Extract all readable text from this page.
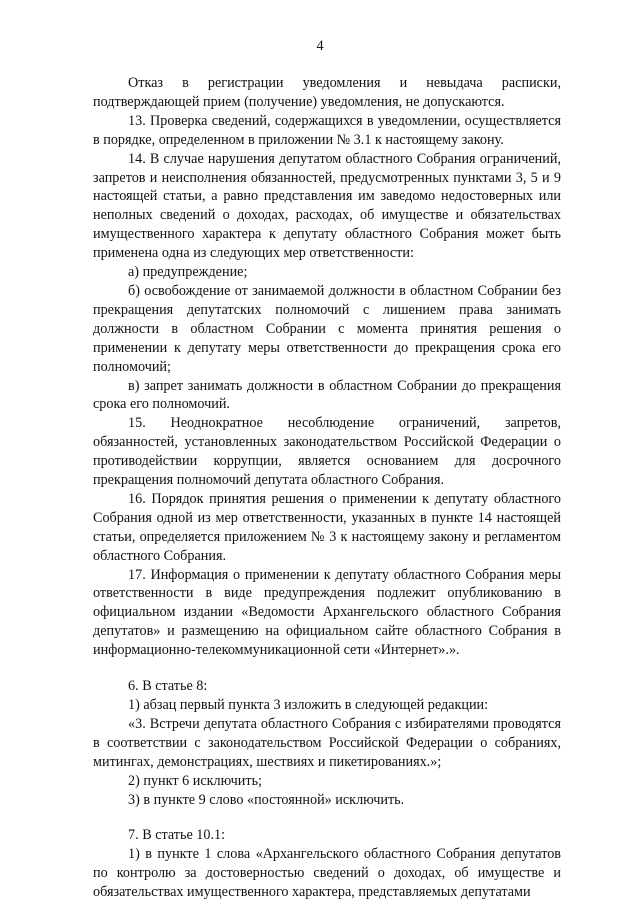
4

Отказ в регистрации уведомления и невыдача расписки, подтверждающей прием (получение) уведомления, не допускаются.

13. Проверка сведений, содержащихся в уведомлении, осуществляется в порядке, определенном в приложении № 3.1 к настоящему закону.

14. В случае нарушения депутатом областного Собрания ограничений, запретов и неисполнения обязанностей, предусмотренных пунктами 3, 5 и 9 настоящей статьи, а равно представления им заведомо недостоверных или неполных сведений о доходах, расходах, об имуществе и обязательствах имущественного характера к депутату областного Собрания может быть применена одна из следующих мер ответственности:

а) предупреждение;

б) освобождение от занимаемой должности в областном Собрании без прекращения депутатских полномочий с лишением права занимать должности в областном Собрании с момента принятия решения о применении к депутату меры ответственности до прекращения срока его полномочий;

в) запрет занимать должности в областном Собрании до прекращения срока его полномочий.

15. Неоднократное несоблюдение ограничений, запретов, обязанностей, установленных законодательством Российской Федерации о противодействии коррупции, является основанием для досрочного прекращения полномочий депутата областного Собрания.

16. Порядок принятия решения о применении к депутату областного Собрания одной из мер ответственности, указанных в пункте 14 настоящей статьи, определяется приложением № 3 к настоящему закону и регламентом областного Собрания.

17. Информация о применении к депутату областного Собрания меры ответственности в виде предупреждения подлежит опубликованию в официальном издании «Ведомости Архангельского областного Собрания депутатов» и размещению на официальном сайте областного Собрания в информационно-телекоммуникационной сети «Интернет».».

6. В статье 8:

1) абзац первый пункта 3 изложить в следующей редакции:

«3. Встречи депутата областного Собрания с избирателями проводятся в соответствии с законодательством Российской Федерации о собраниях, митингах, демонстрациях, шествиях и пикетированиях.»;

2) пункт 6 исключить;

3) в пункте 9 слово «постоянной» исключить.

7. В статье 10.1:

1) в пункте 1 слова «Архангельского областного Собрания депутатов по контролю за достоверностью сведений о доходах, об имуществе и обязательствах имущественного характера, представляемых депутатами
